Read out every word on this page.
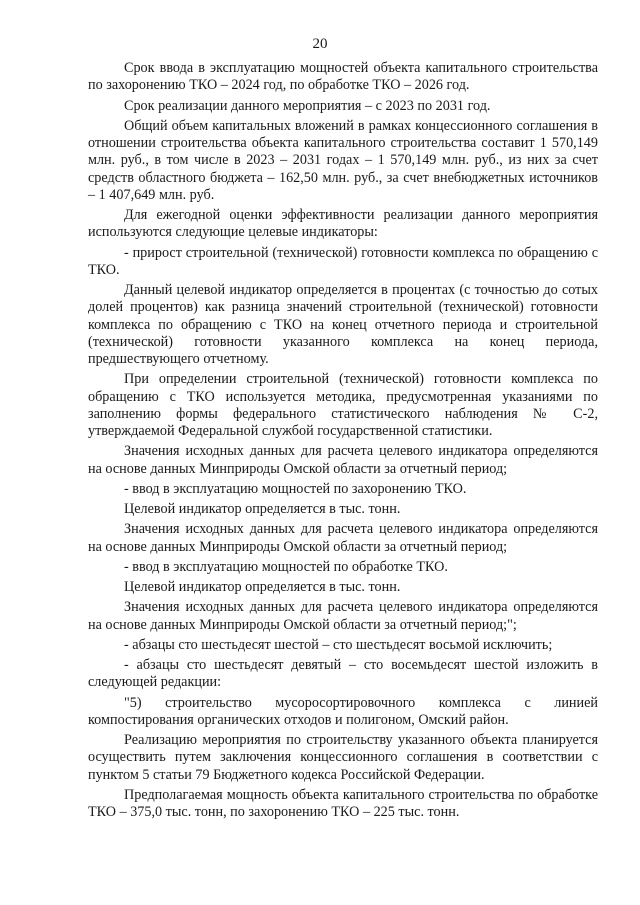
20

Срок ввода в эксплуатацию мощностей объекта капитального строительства по захоронению ТКО – 2024 год, по обработке ТКО – 2026 год.

Срок реализации данного мероприятия – с 2023 по 2031 год.

Общий объем капитальных вложений в рамках концессионного соглашения в отношении строительства объекта капитального строительства составит 1 570,149 млн. руб., в том числе в 2023 – 2031 годах – 1 570,149 млн. руб., из них за счет средств областного бюджета – 162,50 млн. руб., за счет внебюджетных источников – 1 407,649 млн. руб.

Для ежегодной оценки эффективности реализации данного мероприятия используются следующие целевые индикаторы:

- прирост строительной (технической) готовности комплекса по обращению с ТКО.

Данный целевой индикатор определяется в процентах (с точностью до сотых долей процентов) как разница значений строительной (технической) готовности комплекса по обращению с ТКО на конец отчетного периода и строительной (технической) готовности указанного комплекса на конец периода, предшествующего отчетному.

При определении строительной (технической) готовности комплекса по обращению с ТКО используется методика, предусмотренная указаниями по заполнению формы федерального статистического наблюдения № С-2, утверждаемой Федеральной службой государственной статистики.

Значения исходных данных для расчета целевого индикатора определяются на основе данных Минприроды Омской области за отчетный период;

- ввод в эксплуатацию мощностей по захоронению ТКО.

Целевой индикатор определяется в тыс. тонн.

Значения исходных данных для расчета целевого индикатора определяются на основе данных Минприроды Омской области за отчетный период;

- ввод в эксплуатацию мощностей по обработке ТКО.

Целевой индикатор определяется в тыс. тонн.

Значения исходных данных для расчета целевого индикатора определяются на основе данных Минприроды Омской области за отчетный период;";

- абзацы сто шестьдесят шестой – сто шестьдесят восьмой исключить;

- абзацы сто шестьдесят девятый – сто восемьдесят шестой изложить в следующей редакции:

"5) строительство мусоросортировочного комплекса с линией компостирования органических отходов и полигоном, Омский район.

Реализацию мероприятия по строительству указанного объекта планируется осуществить путем заключения концессионного соглашения в соответствии с пунктом 5 статьи 79 Бюджетного кодекса Российской Федерации.

Предполагаемая мощность объекта капитального строительства по обработке ТКО – 375,0 тыс. тонн, по захоронению ТКО – 225 тыс. тонн.
